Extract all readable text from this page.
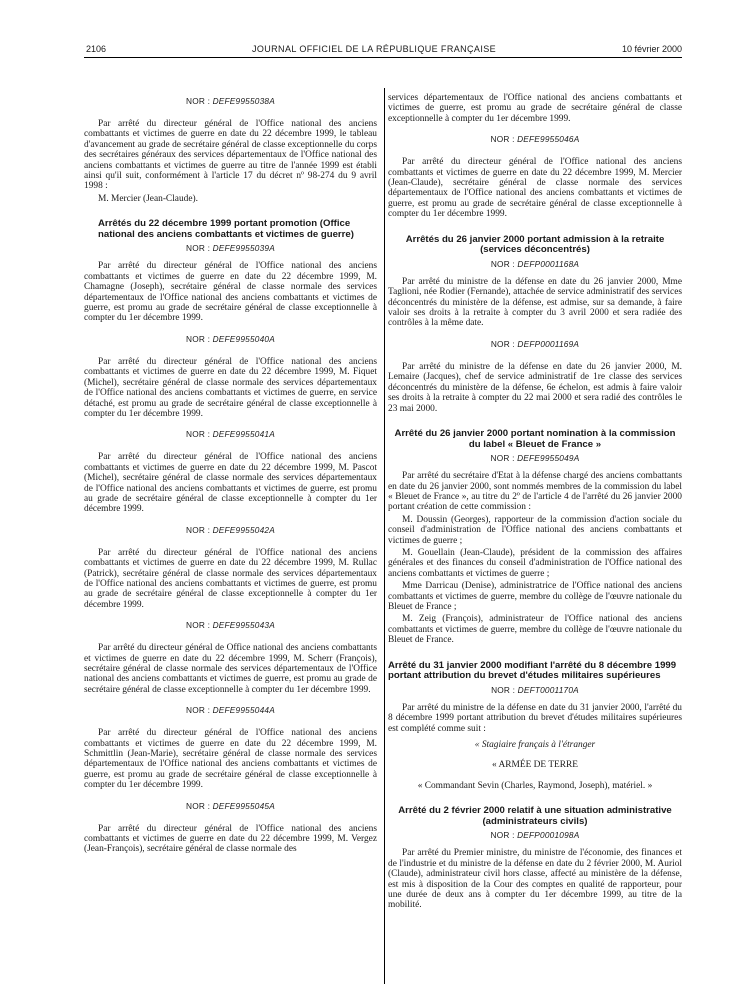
2106	JOURNAL OFFICIEL DE LA RÉPUBLIQUE FRANÇAISE	10 février 2000
NOR : DEFE9955038A

Par arrêté du directeur général de l'Office national des anciens combattants et victimes de guerre en date du 22 décembre 1999, le tableau d'avancement au grade de secrétaire général de classe exceptionnelle du corps des secrétaires généraux des services départementaux de l'Office national des anciens combattants et victimes de guerre au titre de l'année 1999 est établi ainsi qu'il suit, conformément à l'article 17 du décret nº 98-274 du 9 avril 1998 :

M. Mercier (Jean-Claude).

Arrêtés du 22 décembre 1999 portant promotion (Office national des anciens combattants et victimes de guerre)
NOR : DEFE9955039A

Par arrêté du directeur général de l'Office national des anciens combattants et victimes de guerre en date du 22 décembre 1999, M. Chamagne (Joseph), secrétaire général de classe normale des services départementaux de l'Office national des anciens combattants et victimes de guerre, est promu au grade de secrétaire général de classe exceptionnelle à compter du 1er décembre 1999.

NOR : DEFE9955040A

Par arrêté du directeur général de l'Office national des anciens combattants et victimes de guerre en date du 22 décembre 1999, M. Fiquet (Michel), secrétaire général de classe normale des services départementaux de l'Office national des anciens combattants et victimes de guerre, en service détaché, est promu au grade de secrétaire général de classe exceptionnelle à compter du 1er décembre 1999.

NOR : DEFE9955041A

Par arrêté du directeur général de l'Office national des anciens combattants et victimes de guerre en date du 22 décembre 1999, M. Pascot (Michel), secrétaire général de classe normale des services départementaux de l'Office national des anciens combattants et victimes de guerre, est promu au grade de secrétaire général de classe exceptionnelle à compter du 1er décembre 1999.

NOR : DEFE9955042A

Par arrêté du directeur général de l'Office national des anciens combattants et victimes de guerre en date du 22 décembre 1999, M. Rullac (Patrick), secrétaire général de classe normale des services départementaux de l'Office national des anciens combattants et victimes de guerre, est promu au grade de secrétaire général de classe exceptionnelle à compter du 1er décembre 1999.

NOR : DEFE9955043A

Par arrêté du directeur général de Office national des anciens combattants et victimes de guerre en date du 22 décembre 1999, M. Scherr (François), secrétaire général de classe normale des services départementaux de l'Office national des anciens combattants et victimes de guerre, est promu au grade de secrétaire général de classe exceptionnelle à compter du 1er décembre 1999.

NOR : DEFE9955044A

Par arrêté du directeur général de l'Office national des anciens combattants et victimes de guerre en date du 22 décembre 1999, M. Schmittlin (Jean-Marie), secrétaire général de classe normale des services départementaux de l'Office national des anciens combattants et victimes de guerre, est promu au grade de secrétaire général de classe exceptionnelle à compter du 1er décembre 1999.

NOR : DEFE9955045A

Par arrêté du directeur général de l'Office national des anciens combattants et victimes de guerre en date du 22 décembre 1999, M. Vergez (Jean-François), secrétaire général de classe normale des

services départementaux de l'Office national des anciens combattants et victimes de guerre, est promu au grade de secrétaire général de classe exceptionnelle à compter du 1er décembre 1999.

NOR : DEFE9955046A

Par arrêté du directeur général de l'Office national des anciens combattants et victimes de guerre en date du 22 décembre 1999, M. Mercier (Jean-Claude), secrétaire général de classe normale des services départementaux de l'Office national des anciens combattants et victimes de guerre, est promu au grade de secrétaire général de classe exceptionnelle à compter du 1er décembre 1999.

Arrêtés du 26 janvier 2000 portant admission à la retraite (services déconcentrés)
NOR : DEFP0001168A

Par arrêté du ministre de la défense en date du 26 janvier 2000, Mme Taglioni, née Rodier (Fernande), attachée de service administratif des services déconcentrés du ministère de la défense, est admise, sur sa demande, à faire valoir ses droits à la retraite à compter du 3 avril 2000 et sera radiée des contrôles à la même date.

NOR : DEFP0001169A

Par arrêté du ministre de la défense en date du 26 janvier 2000, M. Lemaire (Jacques), chef de service administratif de 1re classe des services déconcentrés du ministère de la défense, 6e échelon, est admis à faire valoir ses droits à la retraite à compter du 22 mai 2000 et sera radié des contrôles le 23 mai 2000.

Arrêté du 26 janvier 2000 portant nomination à la commission du label « Bleuet de France »
NOR : DEFE9955049A

Par arrêté du secrétaire d'Etat à la défense chargé des anciens combattants en date du 26 janvier 2000, sont nommés membres de la commission du label « Bleuet de France », au titre du 2º de l'article 4 de l'arrêté du 26 janvier 2000 portant création de cette commission :

M. Doussin (Georges), rapporteur de la commission d'action sociale du conseil d'administration de l'Office national des anciens combattants et victimes de guerre ;

M. Gouellain (Jean-Claude), président de la commission des affaires générales et des finances du conseil d'administration de l'Office national des anciens combattants et victimes de guerre ;

Mme Darricau (Denise), administratrice de l'Office national des anciens combattants et victimes de guerre, membre du collège de l'œuvre nationale du Bleuet de France ;

M. Zeig (François), administrateur de l'Office national des anciens combattants et victimes de guerre, membre du collège de l'œuvre nationale du Bleuet de France.

Arrêté du 31 janvier 2000 modifiant l'arrêté du 8 décembre 1999 portant attribution du brevet d'études militaires supérieures
NOR : DEFT0001170A

Par arrêté du ministre de la défense en date du 31 janvier 2000, l'arrêté du 8 décembre 1999 portant attribution du brevet d'études militaires supérieures est complété comme suit :

« Stagiaire français à l'étranger
« ARMÉE DE TERRE
« Commandant Sevin (Charles, Raymond, Joseph), matériel. »
Arrêté du 2 février 2000 relatif à une situation administrative (administrateurs civils)
NOR : DEFP0001098A

Par arrêté du Premier ministre, du ministre de l'économie, des finances et de l'industrie et du ministre de la défense en date du 2 février 2000, M. Auriol (Claude), administrateur civil hors classe, affecté au ministère de la défense, est mis à disposition de la Cour des comptes en qualité de rapporteur, pour une durée de deux ans à compter du 1er décembre 1999, au titre de la mobilité.
